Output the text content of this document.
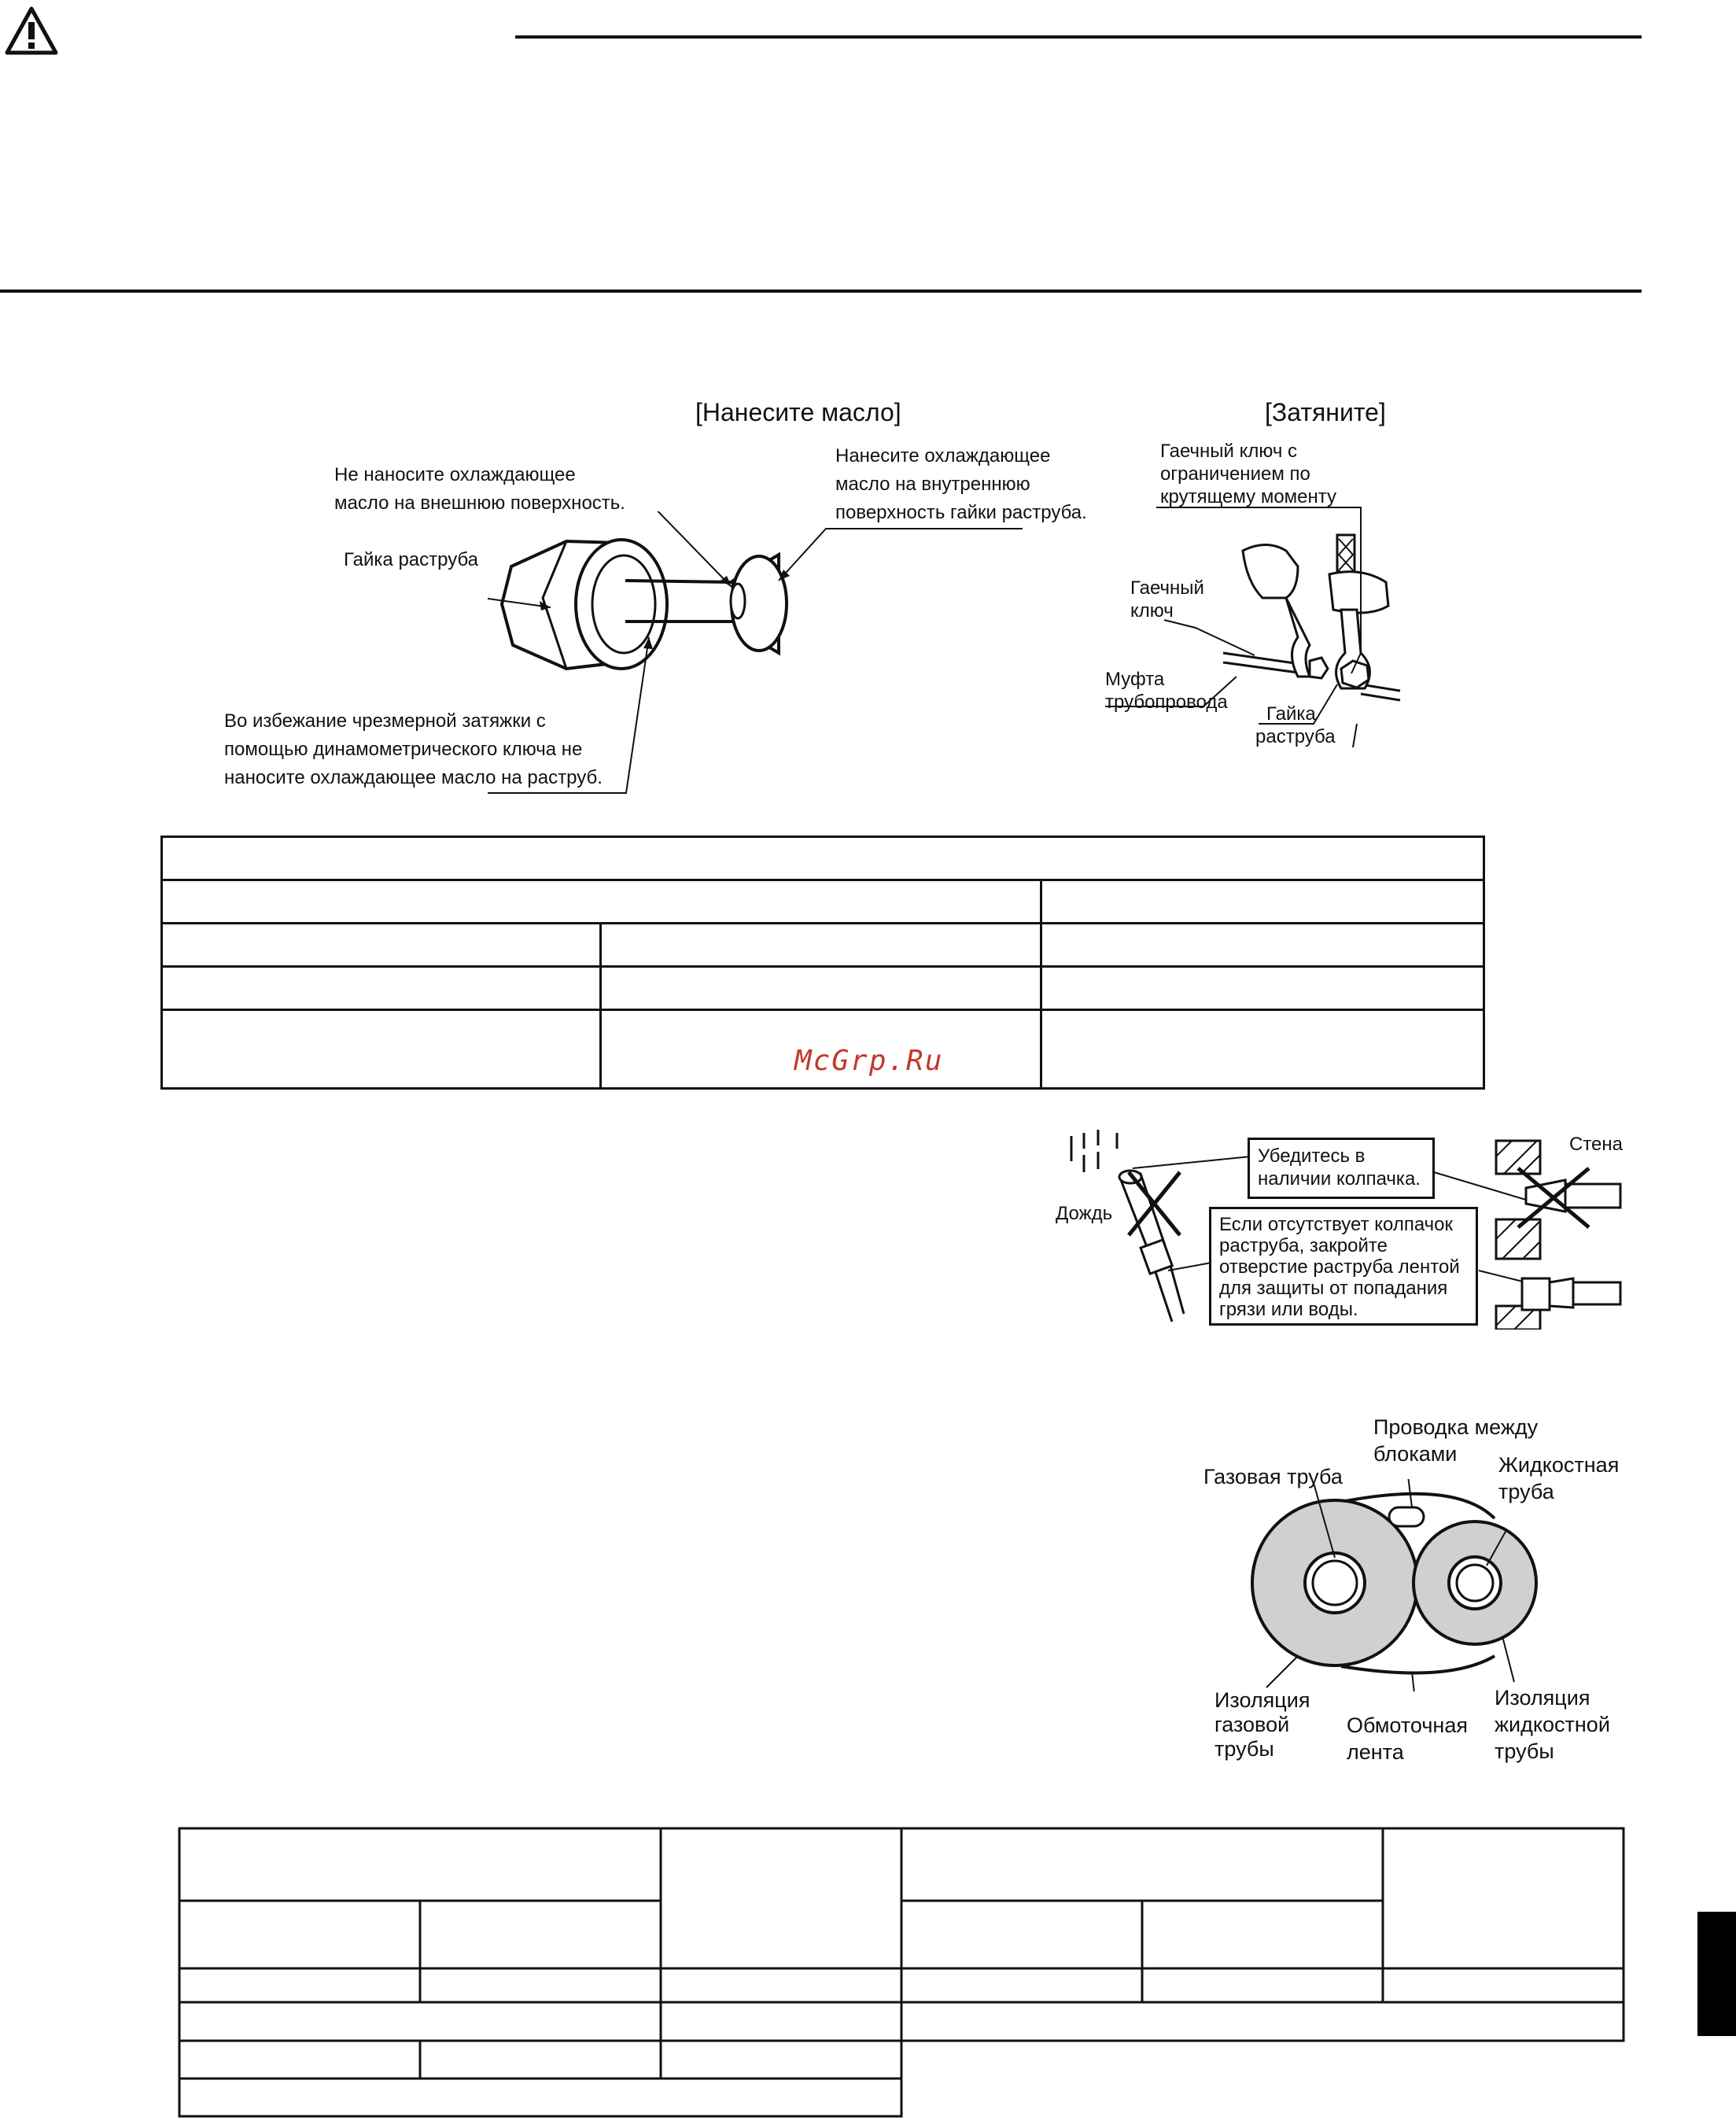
[Нанесите масло]
Не наносите охлаждающее
масло на внешнюю поверхность.
Гайка раструба
Нанесите охлаждающее
масло на внутреннюю
поверхность гайки раструба.
Во избежание чрезмерной затяжки с
помощью динамометрического ключа не
наносите охлаждающее масло на раструб.
[Затяните]
Гаечный ключ с
ограничением по
крутящему моменту
Гаечный
ключ
Муфта
трубопровода
Гайка
раструба

McGrp.Ru
Стена
Дождь
Убедитесь в
наличии колпачка.
Если отсутствует колпачок
раструба, закройте
отверстие раструба лентой
для защиты от попадания
грязи или воды.
Проводка между
блоками
Газовая труба	Жидкостная
труба
Изоляция
газовой
трубы
Обмоточная
лента
Изоляция
жидкостной
трубы
